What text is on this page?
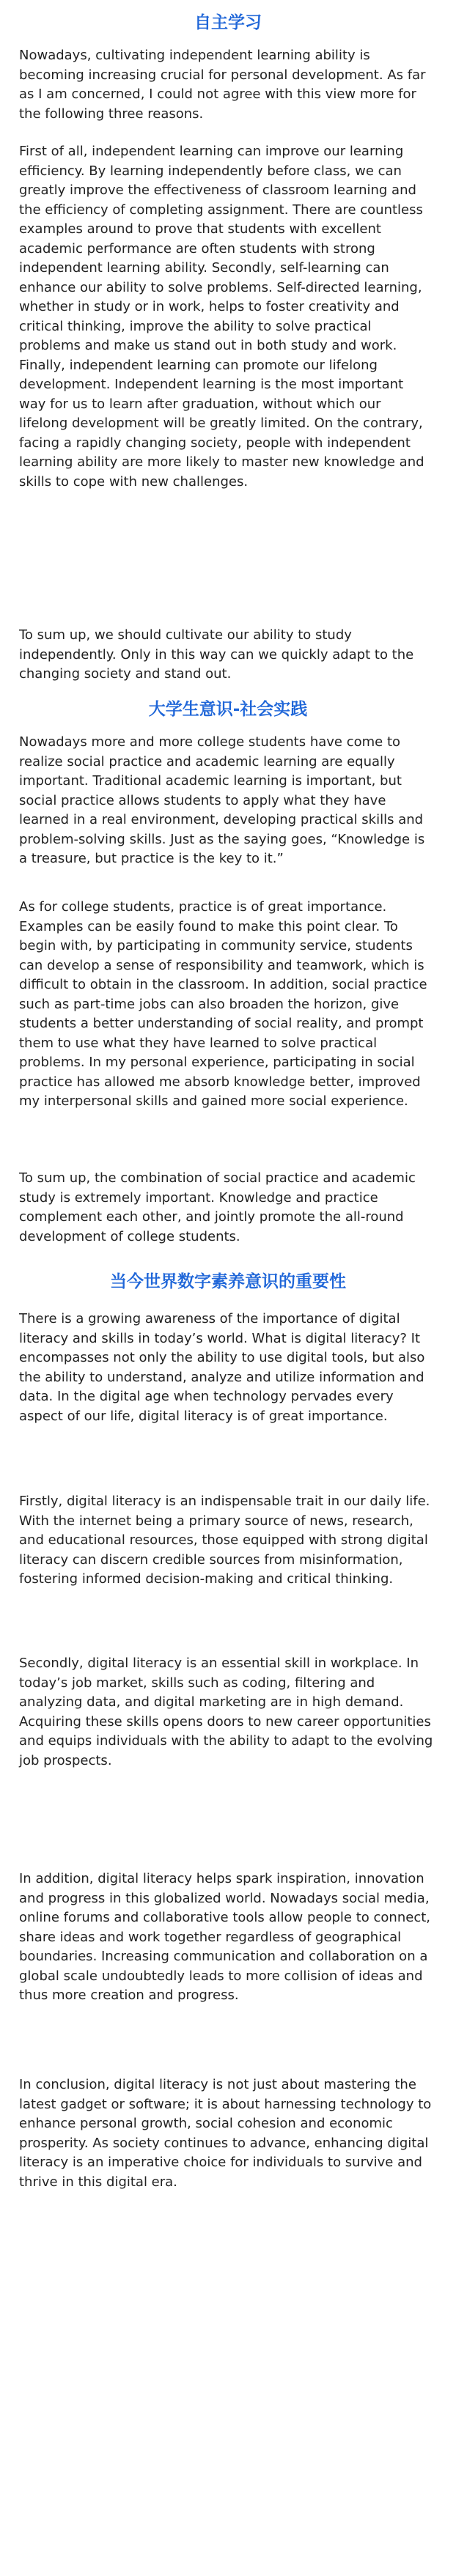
自主学习
Nowadays, cultivating independent learning ability is becoming increasing crucial for personal development. As far as I am concerned, I could not agree with this view more for the following three reasons.
First of all, independent learning can improve our learning efficiency. By learning independently before class, we can greatly improve the effectiveness of classroom learning and the efficiency of completing assignment. There are countless examples around to prove that students with excellent academic performance are often students with strong independent learning ability. Secondly, self-learning can enhance our ability to solve problems. Self-directed learning, whether in study or in work, helps to foster creativity and critical thinking, improve the ability to solve practical problems and make us stand out in both study and work. Finally, independent learning can promote our lifelong development. Independent learning is the most important way for us to learn after graduation, without which our lifelong development will be greatly limited. On the contrary, facing a rapidly changing society, people with independent learning ability are more likely to master new knowledge and skills to cope with new challenges.
To sum up, we should cultivate our ability to study independently. Only in this way can we quickly adapt to the changing society and stand out.
大学生意识-社会实践
Nowadays more and more college students have come to realize social practice and academic learning are equally important. Traditional academic learning is important, but social practice allows students to apply what they have learned in a real environment, developing practical skills and problem-solving skills. Just as the saying goes, “Knowledge is a treasure, but practice is the key to it.”
As for college students, practice is of great importance. Examples can be easily found to make this point clear. To begin with, by participating in community service, students can develop a sense of responsibility and teamwork, which is difficult to obtain in the classroom. In addition, social practice such as part-time jobs can also broaden the horizon, give students a better understanding of social reality, and prompt them to use what they have learned to solve practical problems. In my personal experience, participating in social practice has allowed me absorb knowledge better, improved my interpersonal skills and gained more social experience.
To sum up, the combination of social practice and academic study is extremely important. Knowledge and practice complement each other, and jointly promote the all-round development of college students.
当今世界数字素养意识的重要性
There is a growing awareness of the importance of digital literacy and skills in today’s world. What is digital literacy? It encompasses not only the ability to use digital tools, but also the ability to understand, analyze and utilize information and data. In the digital age when technology pervades every aspect of our life, digital literacy is of great importance.
Firstly, digital literacy is an indispensable trait in our daily life. With the internet being a primary source of news, research, and educational resources, those equipped with strong digital literacy can discern credible sources from misinformation, fostering informed decision-making and critical thinking.
Secondly, digital literacy is an essential skill in workplace. In today’s job market, skills such as coding, filtering and analyzing data, and digital marketing are in high demand. Acquiring these skills opens doors to new career opportunities and equips individuals with the ability to adapt to the evolving job prospects.
In addition, digital literacy helps spark inspiration, innovation and progress in this globalized world. Nowadays social media, online forums and collaborative tools allow people to connect, share ideas and work together regardless of geographical boundaries. Increasing communication and collaboration on a global scale undoubtedly leads to more collision of ideas and thus more creation and progress.
In conclusion, digital literacy is not just about mastering the latest gadget or software; it is about harnessing technology to enhance personal growth, social cohesion and economic prosperity. As society continues to advance, enhancing digital literacy is an imperative choice for individuals to survive and thrive in this digital era.
